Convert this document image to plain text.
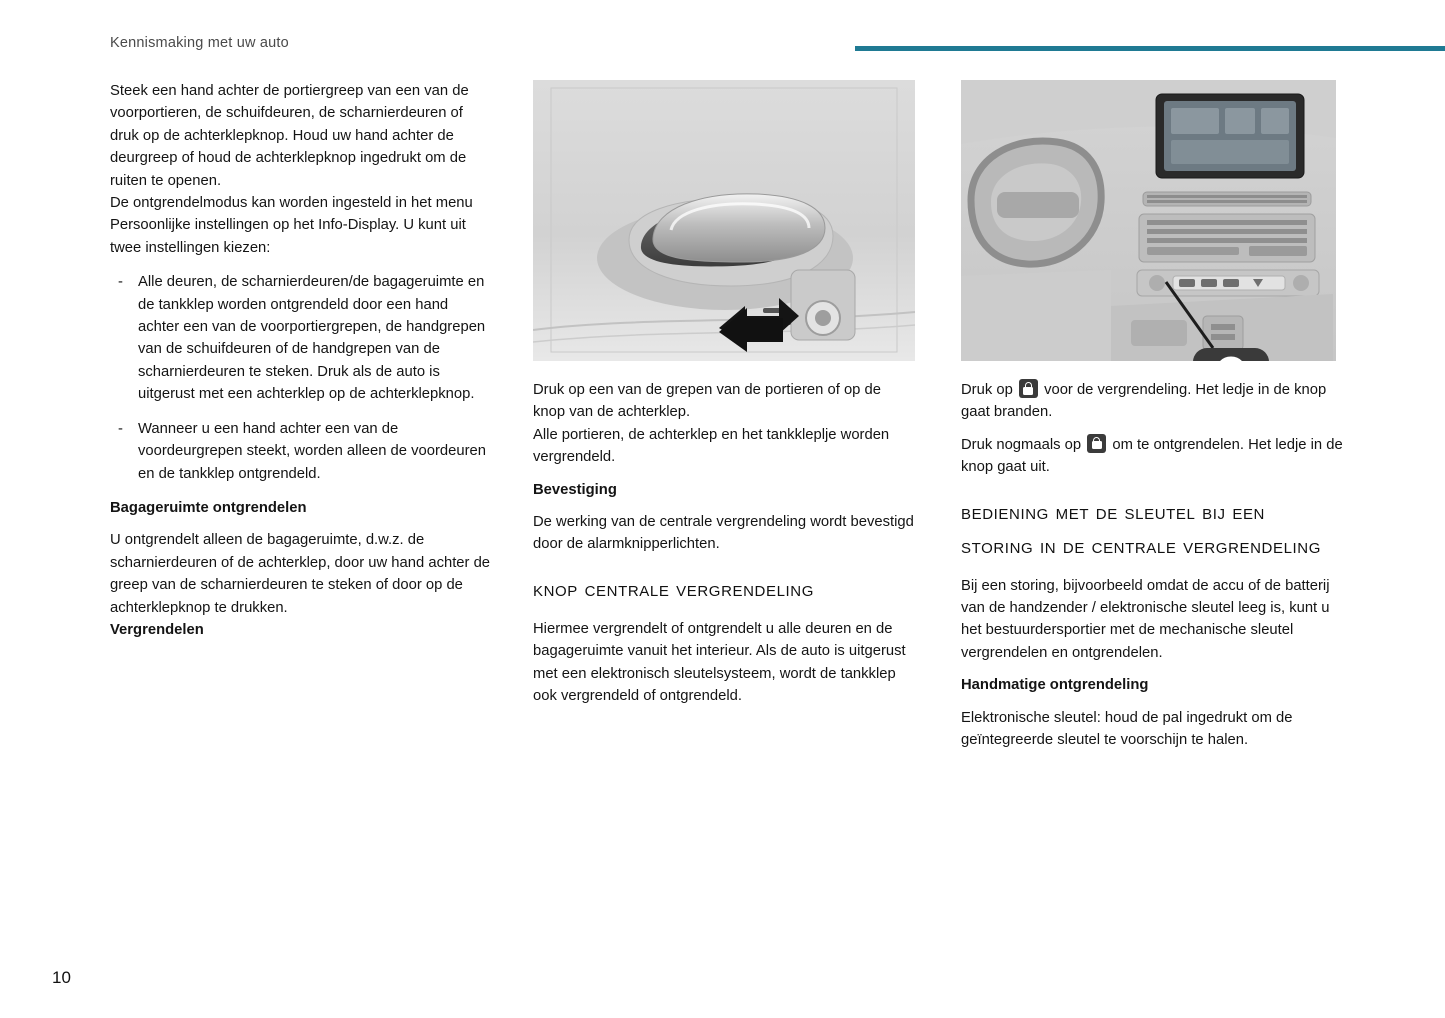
Kennismaking met uw auto

Steek een hand achter de portiergreep van een van de voorportieren, de schuifdeuren, de scharnierdeuren of druk op de achterklepknop. Houd uw hand achter de deurgreep of houd de achterklepknop ingedrukt om de ruiten te openen.

De ontgrendelmodus kan worden ingesteld in het menu Persoonlijke instellingen op het Info-Display. U kunt uit twee instellingen kiezen:

- Alle deuren, de scharnierdeuren/de bagageruimte en de tankklep worden ontgrendeld door een hand achter een van de voorportiergrepen, de handgrepen van de schuifdeuren of de handgrepen van de scharnierdeuren te steken. Druk als de auto is uitgerust met een achterklep op de achterklepknop.
- Wanneer u een hand achter een van de voordeurgrepen steekt, worden alleen de voordeuren en de tankklep ontgrendeld.
Bagageruimte ontgrendelen

U ontgrendelt alleen de bagageruimte, d.w.z. de scharnierdeuren of de achterklep, door uw hand achter de greep van de scharnierdeuren te steken of door op de achterklepknop te drukken.

Vergrendelen

Druk op een van de grepen van de portieren of op de knop van de achterklep.

Alle portieren, de achterklep en het tankkleplje worden vergrendeld.

Bevestiging

De werking van de centrale vergrendeling wordt bevestigd door de alarmknipperlichten.

knop centrale vergrendeling

Hiermee vergrendelt of ontgrendelt u alle deuren en de bagageruimte vanuit het interieur. Als de auto is uitgerust met een elektronisch sleutelsysteem, wordt de tankklep ook vergrendeld of ontgrendeld.

Druk op voor de vergrendeling. Het ledje in de knop gaat branden.

Druk nogmaals op om te ontgrendelen. Het ledje in de knop gaat uit.

bediening met de sleutel bij een storing in de centrale vergrendeling

Bij een storing, bijvoorbeeld omdat de accu of de batterij van de handzender / elektronische sleutel leeg is, kunt u het bestuurdersportier met de mechanische sleutel vergrendelen en ontgrendelen.

Handmatige ontgrendeling

Elektronische sleutel: houd de pal ingedrukt om de geïntegreerde sleutel te voorschijn te halen.

10
